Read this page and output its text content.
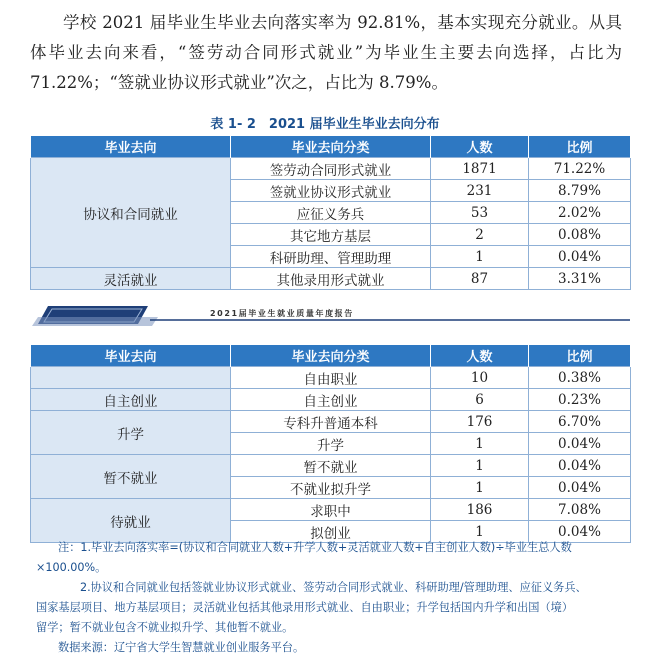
学校 2021 届毕业生毕业去向落实率为 92.81%，基本实现充分就业。从具体毕业去向来看，“签劳动合同形式就业”为毕业生主要去向选择，占比为 71.22%；“签就业协议形式就业”次之，占比为 8.79%。

表 1- 2　2021 届毕业生毕业去向分布
毕业去向	毕业去向分类	人数	比例
协议和合同就业	签劳动合同形式就业	1871	71.22%
	签就业协议形式就业	231	8.79%
	应征义务兵	53	2.02%
	其它地方基层	2	0.08%
	科研助理、管理助理	1	0.04%
灵活就业	其他录用形式就业	87	3.31%
2021届毕业生就业质量年度报告
毕业去向	毕业去向分类	人数	比例
	自由职业	10	0.38%
自主创业	自主创业	6	0.23%
升学	专科升普通本科	176	6.70%
	升学	1	0.04%
暂不就业	暂不就业	1	0.04%
	不就业拟升学	1	0.04%
待就业	求职中	186	7.08%
	拟创业	1	0.04%

注：1.毕业去向落实率=(协议和合同就业人数+升学人数+灵活就业人数+自主创业人数)÷毕业生总人数

×100.00%。

2.协议和合同就业包括签就业协议形式就业、签劳动合同形式就业、科研助理/管理助理、应征义务兵、

国家基层项目、地方基层项目；灵活就业包括其他录用形式就业、自由职业；升学包括国内升学和出国（境）

留学；暂不就业包含不就业拟升学、其他暂不就业。

数据来源：辽宁省大学生智慧就业创业服务平台。
